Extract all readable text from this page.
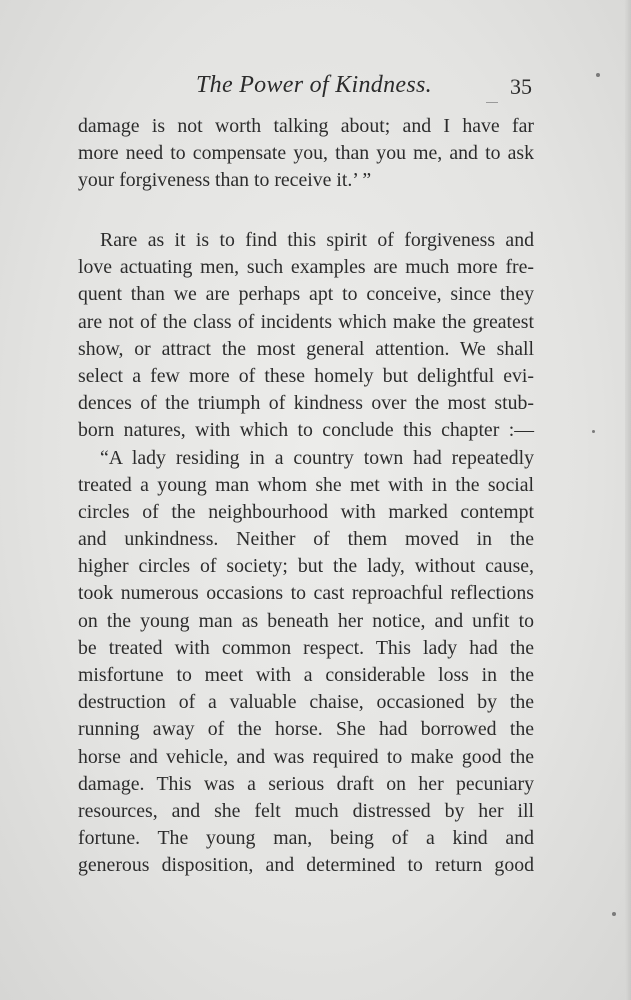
The Power of Kindness.	35
damage is not worth talking about; and I have far
more need to compensate you, than you me, and to ask
your forgiveness than to receive it.’ ”
Rare as it is to find this spirit of forgiveness and
love actuating men, such examples are much more fre-
quent than we are perhaps apt to conceive, since they
are not of the class of incidents which make the greatest
show, or attract the most general attention. We shall
select a few more of these homely but delightful evi-
dences of the triumph of kindness over the most stub-
born natures, with which to conclude this chapter :—
“A lady residing in a country town had repeatedly
treated a young man whom she met with in the social
circles of the neighbourhood with marked contempt
and unkindness. Neither of them moved in the
higher circles of society; but the lady, without cause,
took numerous occasions to cast reproachful reflections
on the young man as beneath her notice, and unfit to
be treated with common respect. This lady had the
misfortune to meet with a considerable loss in the
destruction of a valuable chaise, occasioned by the
running away of the horse. She had borrowed the
horse and vehicle, and was required to make good the
damage. This was a serious draft on her pecuniary
resources, and she felt much distressed by her ill
fortune. The young man, being of a kind and
generous disposition, and determined to return good
